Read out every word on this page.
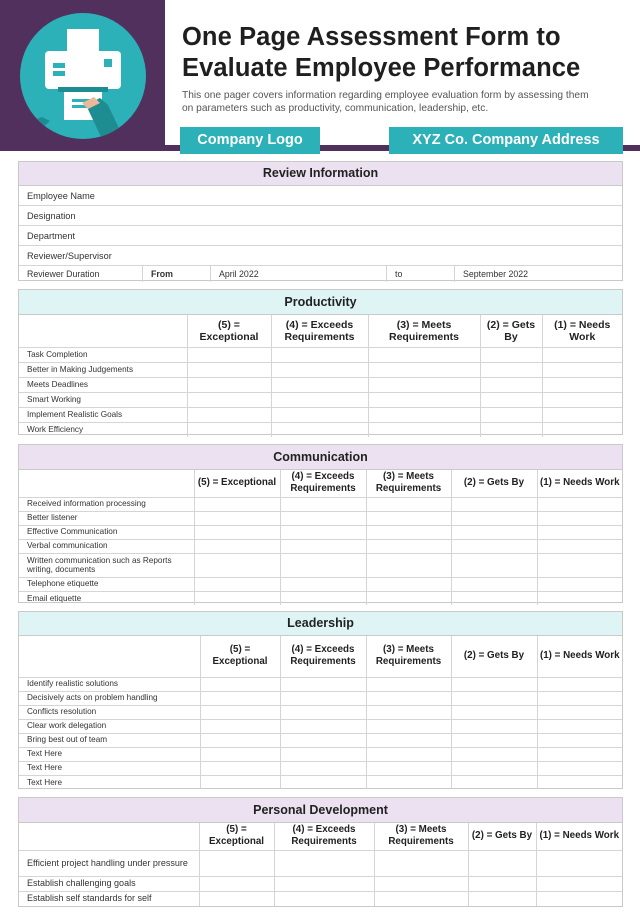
One Page Assessment Form to
Evaluate Employee Performance
This one pager covers information regarding employee evaluation form by assessing them
on parameters such as productivity, communication, leadership, etc.
Company Logo	XYZ Co. Company Address
Review Information
Employee Name
Designation
Department
Reviewer/Supervisor
Reviewer Duration	From	April 2022	to	September 2022
Productivity
	(5) = Exceptional	(4) = Exceeds Requirements	(3) = Meets Requirements	(2) = Gets By	(1) = Needs Work
Task Completion					
Better in Making Judgements					
Meets Deadlines					
Smart Working					
Implement Realistic Goals					
Work Efficiency					
Communication
	(5) = Exceptional	(4) = Exceeds Requirements	(3) = Meets Requirements	(2) = Gets By	(1) = Needs Work
Received information processing					
Better listener					
Effective Communication					
Verbal communication					
Written communication such as Reports writing, documents					
Telephone etiquette					
Email etiquette					
Leadership
	(5) = Exceptional	(4) = Exceeds Requirements	(3) = Meets Requirements	(2) = Gets By	(1) = Needs Work
Identify realistic solutions					
Decisively acts on problem handling					
Conflicts resolution					
Clear work delegation					
Bring best out of team					
Text Here					
Text Here					
Text Here					
Personal Development
	(5) = Exceptional	(4) = Exceeds Requirements	(3) = Meets Requirements	(2) = Gets By	(1) = Needs Work
Efficient project handling under pressure					
Establish challenging goals					
Establish self standards for self					
